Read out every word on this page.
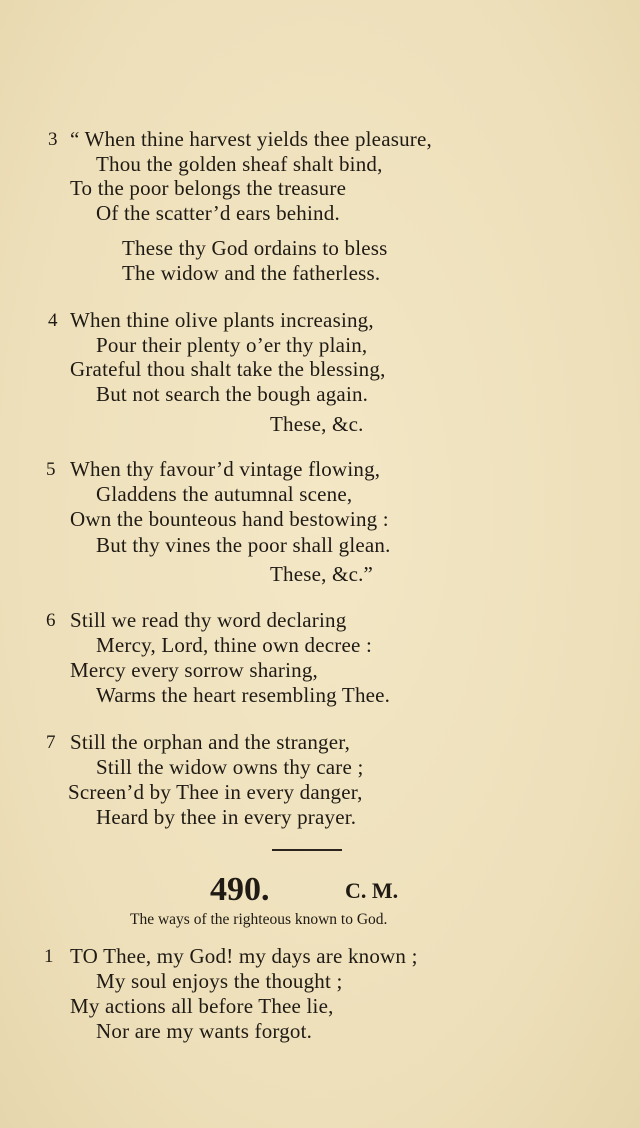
3 “ When thine harvest yields thee pleasure,
Thou the golden sheaf shalt bind,
To the poor belongs the treasure
Of the scatter’d ears behind.
These thy God ordains to bless
The widow and the fatherless.
4 When thine olive plants increasing,
Pour their plenty o’er thy plain,
Grateful thou shalt take the blessing,
But not search the bough again.
These, &c.
5 When thy favour’d vintage flowing,
Gladdens the autumnal scene,
Own the bounteous hand bestowing :
But thy vines the poor shall glean.
These, &c.”
6 Still we read thy word declaring
Mercy, Lord, thine own decree :
Mercy every sorrow sharing,
Warms the heart resembling Thee.
7 Still the orphan and the stranger,
Still the widow owns thy care ;
Screen’d by Thee in every danger,
Heard by thee in every prayer.
490.	C. M.
The ways of the righteous known to God.
1 TO Thee, my God! my days are known ;
My soul enjoys the thought ;
My actions all before Thee lie,
Nor are my wants forgot.
